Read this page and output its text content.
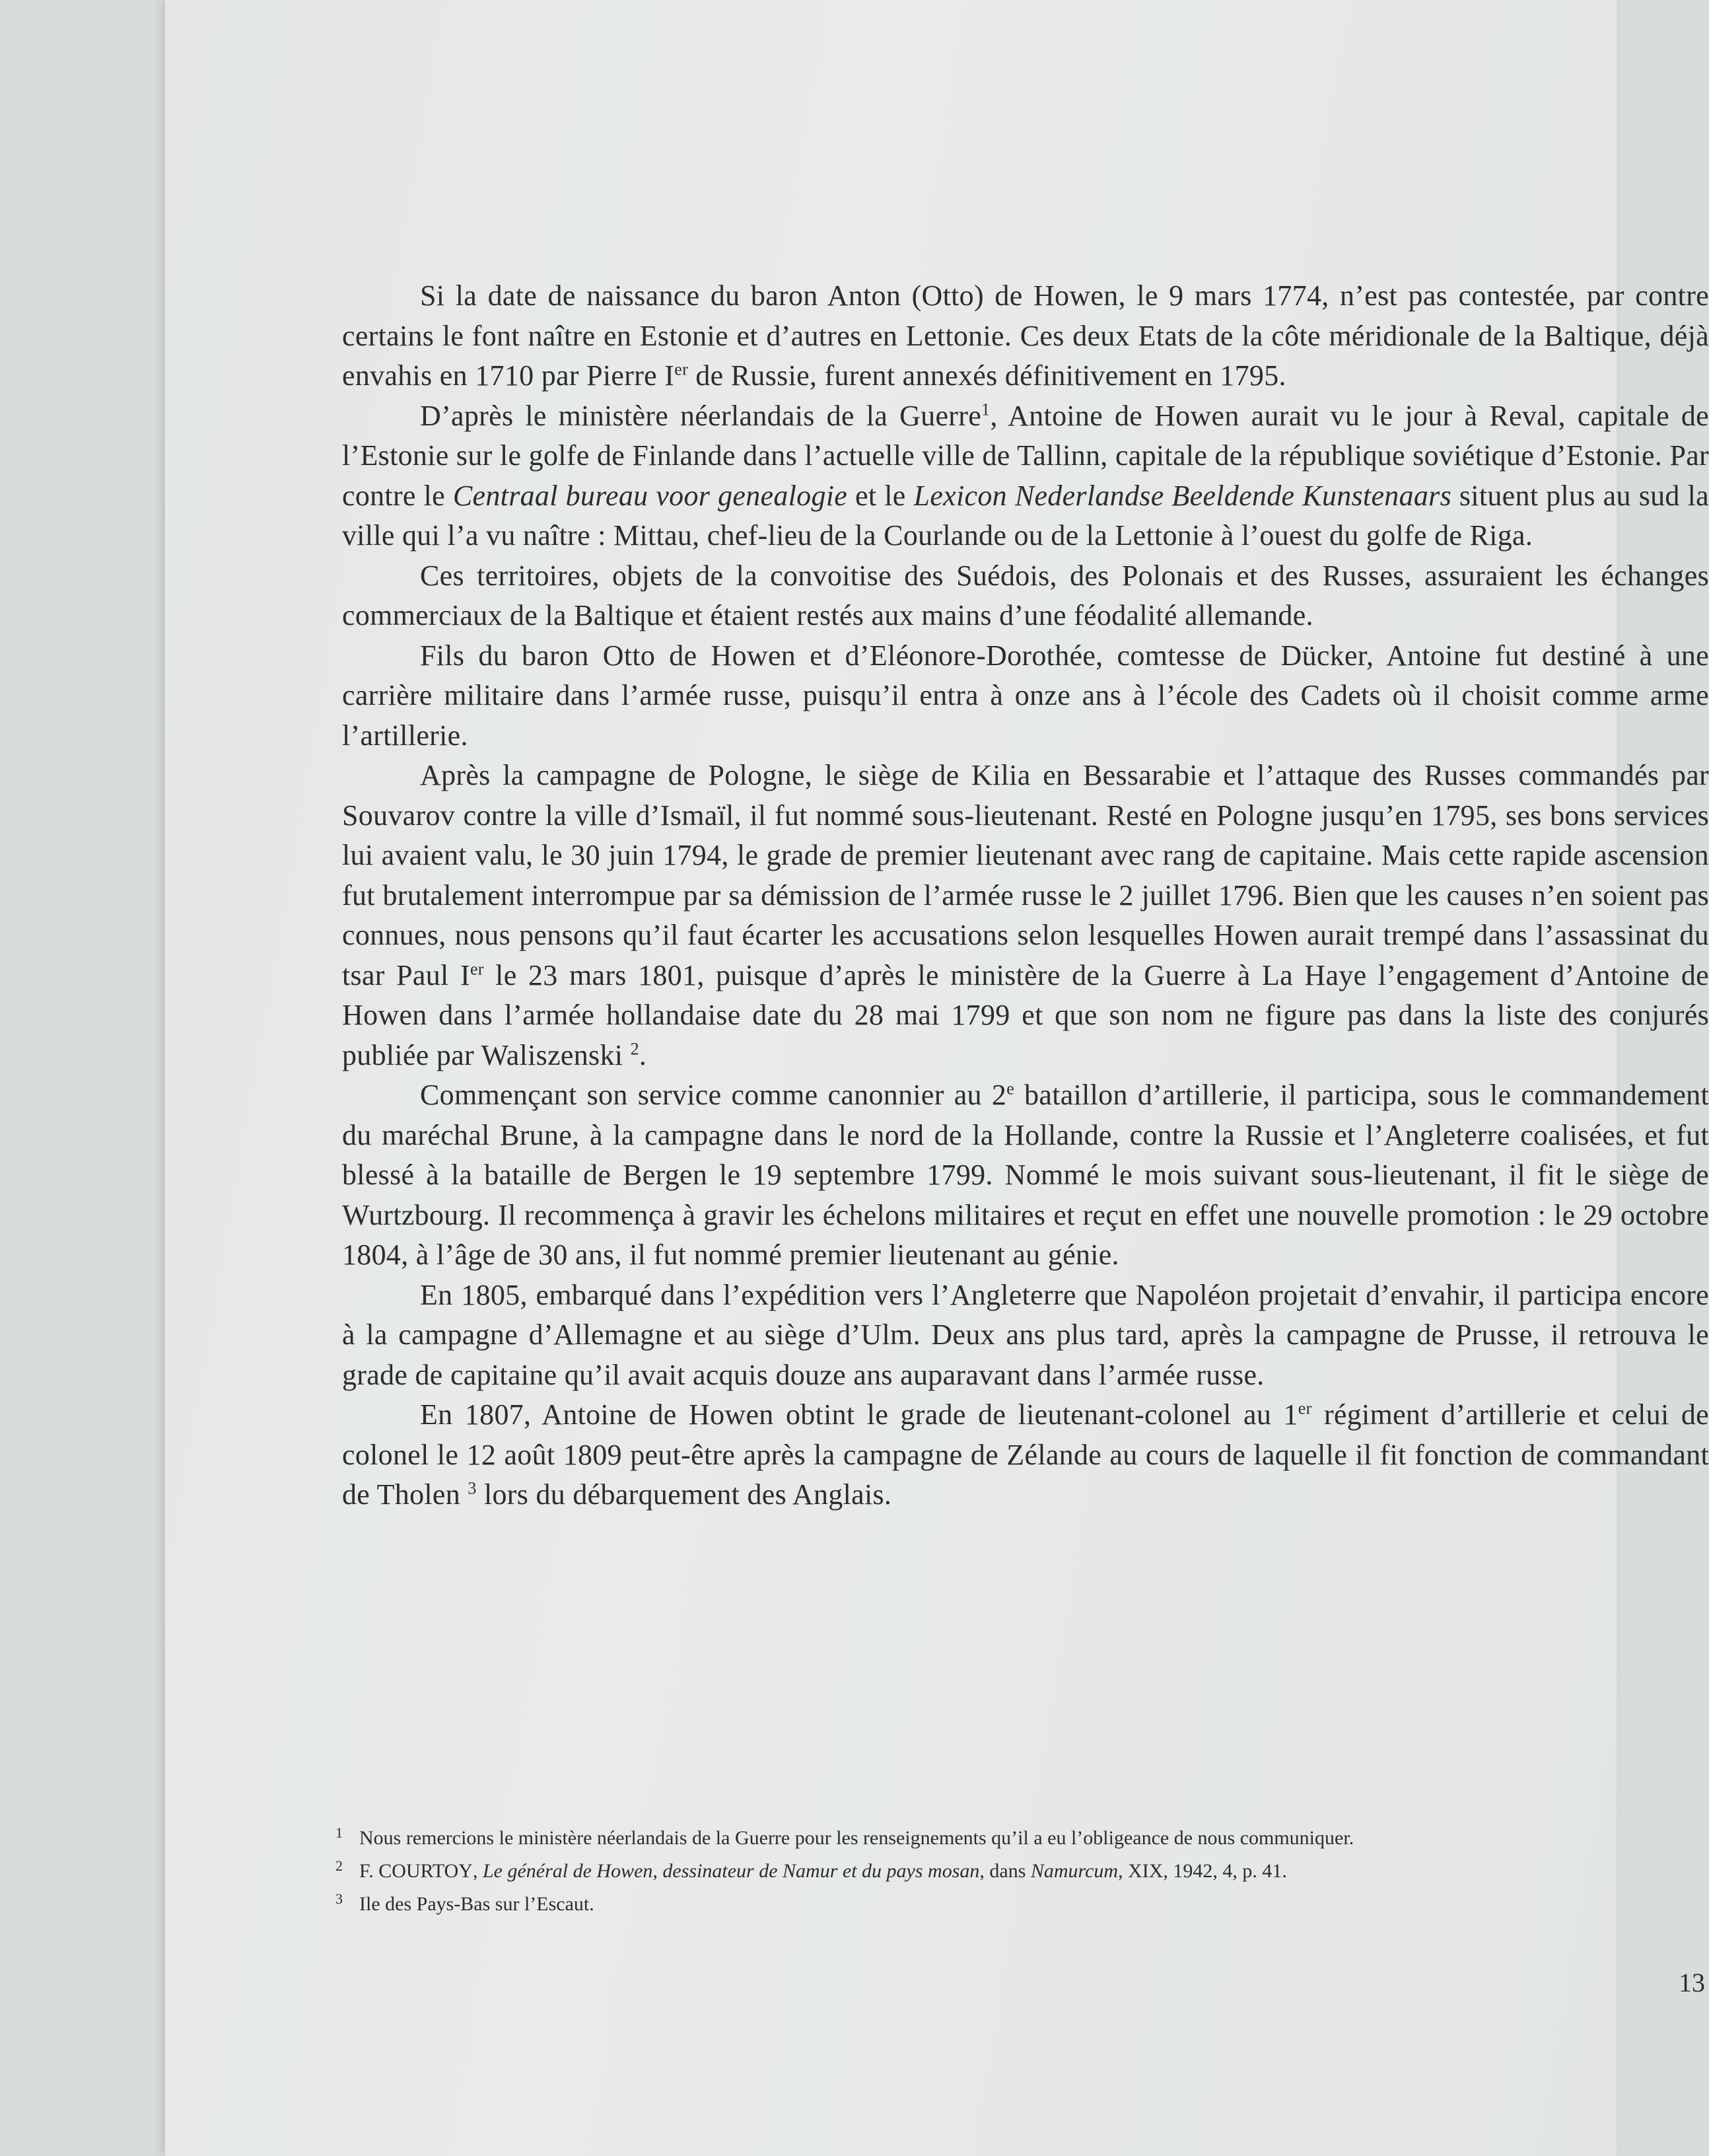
Si la date de naissance du baron Anton (Otto) de Howen, le 9 mars 1774, n’est pas contestée, par contre certains le font naître en Estonie et d’autres en Lettonie. Ces deux Etats de la côte méridionale de la Baltique, déjà envahis en 1710 par Pierre Ier de Russie, furent annexés définitivement en 1795.

D’après le ministère néerlandais de la Guerre$^1$, Antoine de Howen aurait vu le jour à Reval, capitale de l’Estonie sur le golfe de Finlande dans l’actuelle ville de Tallinn, capitale de la république soviétique d’Estonie. Par contre le Centraal bureau voor genealogie et le Lexicon Nederlandse Beeldende Kunstenaars situent plus au sud la ville qui l’a vu naître : Mittau, chef-lieu de la Courlande ou de la Lettonie à l’ouest du golfe de Riga.

Ces territoires, objets de la convoitise des Suédois, des Polonais et des Russes, assuraient les échanges commerciaux de la Baltique et étaient restés aux mains d’une féodalité allemande.

Fils du baron Otto de Howen et d’Eléonore-Dorothée, comtesse de Dücker, Antoine fut destiné à une carrière militaire dans l’armée russe, puisqu’il entra à onze ans à l’école des Cadets où il choisit comme arme l’artillerie.

Après la campagne de Pologne, le siège de Kilia en Bessarabie et l’attaque des Russes commandés par Souvarov contre la ville d’Ismaïl, il fut nommé sous-lieutenant. Resté en Pologne jusqu’en 1795, ses bons services lui avaient valu, le 30 juin 1794, le grade de premier lieutenant avec rang de capitaine. Mais cette rapide ascension fut brutalement interrompue par sa démission de l’armée russe le 2 juillet 1796. Bien que les causes n’en soient pas connues, nous pensons qu’il faut écarter les accusations selon lesquelles Howen aurait trempé dans l’assassinat du tsar Paul Ier le 23 mars 1801, puisque d’après le ministère de la Guerre à La Haye l’engagement d’Antoine de Howen dans l’armée hollandaise date du 28 mai 1799 et que son nom ne figure pas dans la liste des conjurés publiée par Waliszenski $^2$.

Commençant son service comme canonnier au 2e bataillon d’artillerie, il participa, sous le commandement du maréchal Brune, à la campagne dans le nord de la Hollande, contre la Russie et l’Angleterre coalisées, et fut blessé à la bataille de Bergen le 19 septembre 1799. Nommé le mois suivant sous-lieutenant, il fit le siège de Wurtzbourg. Il recommença à gravir les échelons militaires et reçut en effet une nouvelle promotion : le 29 octobre 1804, à l’âge de 30 ans, il fut nommé premier lieutenant au génie.

En 1805, embarqué dans l’expédition vers l’Angleterre que Napoléon projetait d’envahir, il participa encore à la campagne d’Allemagne et au siège d’Ulm. Deux ans plus tard, après la campagne de Prusse, il retrouva le grade de capitaine qu’il avait acquis douze ans auparavant dans l’armée russe.

En 1807, Antoine de Howen obtint le grade de lieutenant-colonel au 1er régiment d’artillerie et celui de colonel le 12 août 1809 peut-être après la campagne de Zélande au cours de laquelle il fit fonction de commandant de Tholen $^3$ lors du débarquement des Anglais.

1 Nous remercions le ministère néerlandais de la Guerre pour les renseignements qu’il a eu l’obligeance de nous communiquer.
2 F. COURTOY, Le général de Howen, dessinateur de Namur et du pays mosan, dans Namurcum, XIX, 1942, 4, p. 41.
3 Ile des Pays-Bas sur l’Escaut.
13
